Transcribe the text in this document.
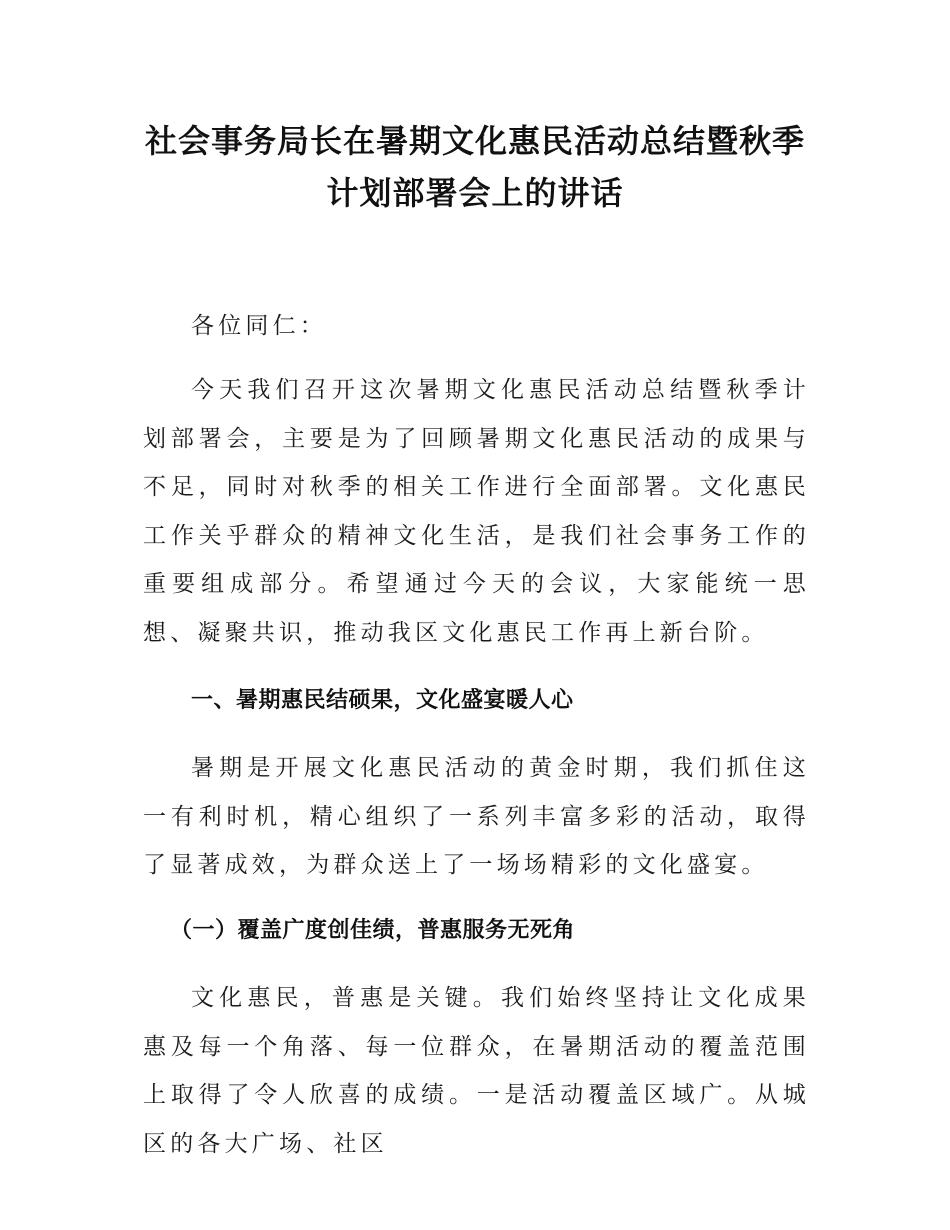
社会事务局长在暑期文化惠民活动总结暨秋季计划部署会上的讲话

各位同仁：

今天我们召开这次暑期文化惠民活动总结暨秋季计划部署会，主要是为了回顾暑期文化惠民活动的成果与不足，同时对秋季的相关工作进行全面部署。文化惠民工作关乎群众的精神文化生活，是我们社会事务工作的重要组成部分。希望通过今天的会议，大家能统一思想、凝聚共识，推动我区文化惠民工作再上新台阶。

一、暑期惠民结硕果，文化盛宴暖人心

暑期是开展文化惠民活动的黄金时期，我们抓住这一有利时机，精心组织了一系列丰富多彩的活动，取得了显著成效，为群众送上了一场场精彩的文化盛宴。

（一）覆盖广度创佳绩，普惠服务无死角

文化惠民，普惠是关键。我们始终坚持让文化成果惠及每一个角落、每一位群众，在暑期活动的覆盖范围上取得了令人欣喜的成绩。一是活动覆盖区域广。从城区的各大广场、社区
